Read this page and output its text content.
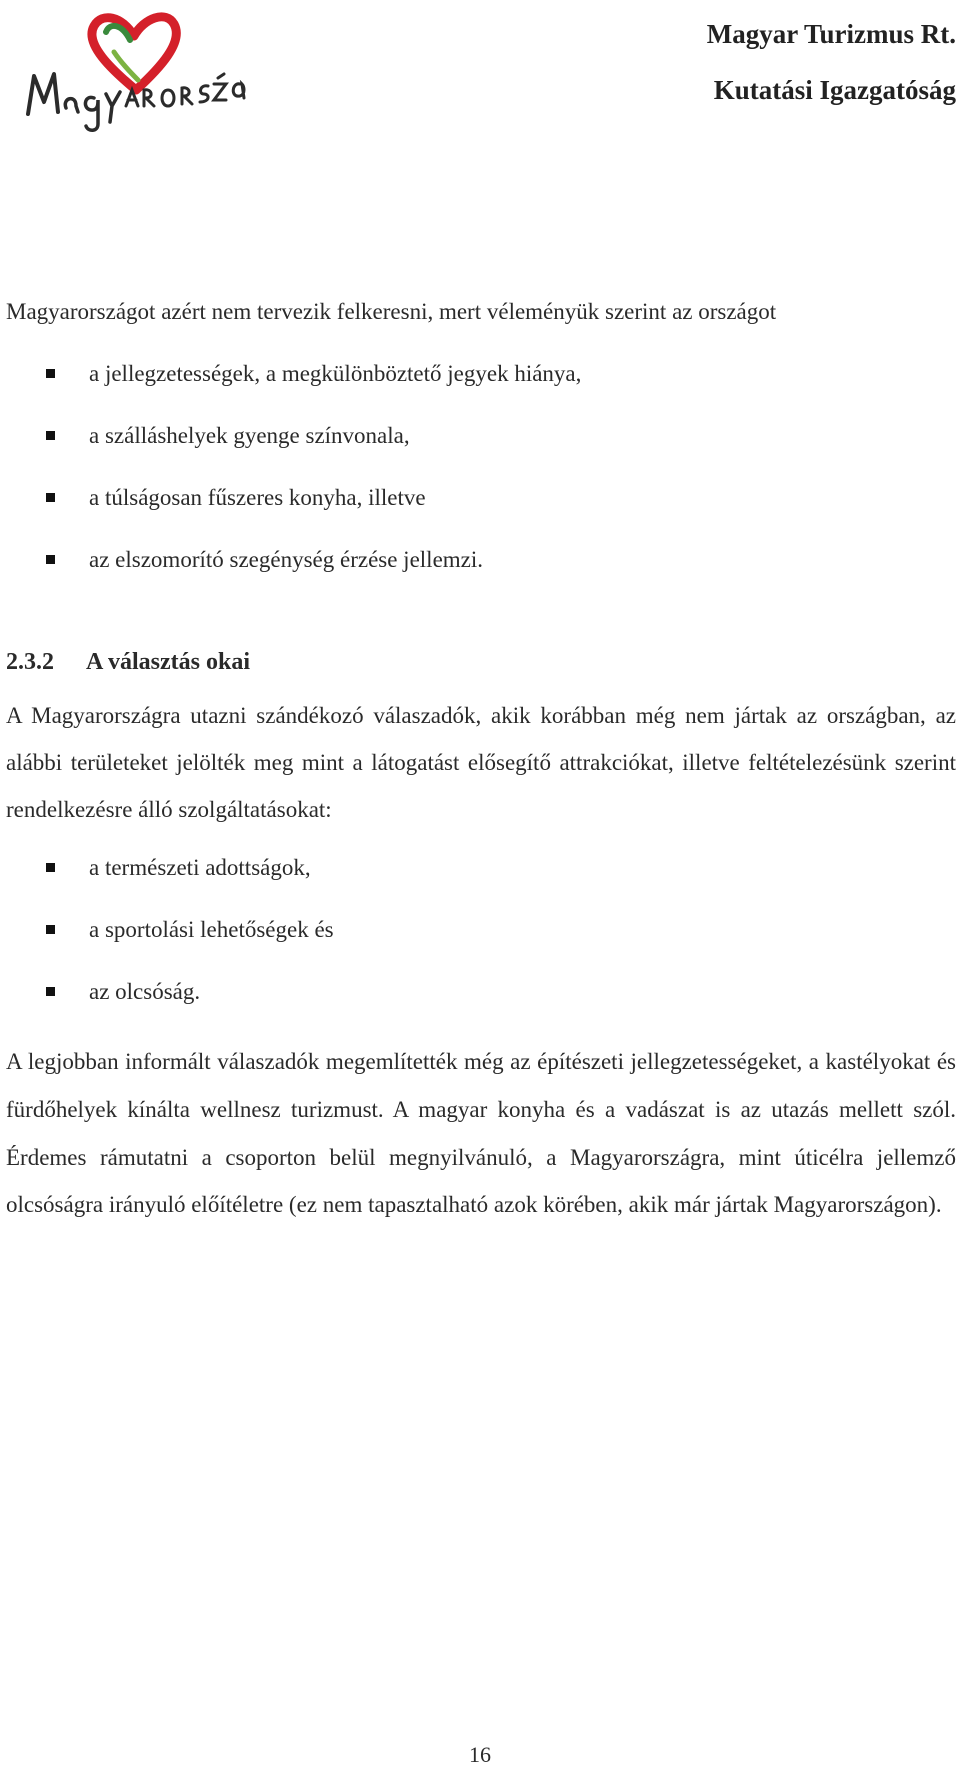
Magyar Turizmus Rt.
Kutatási Igazgatóság
Magyarországot azért nem tervezik felkeresni, mert véleményük szerint az országot
a jellegzetességek, a megkülönböztető jegyek hiánya,
a szálláshelyek gyenge színvonala,
a túlságosan fűszeres konyha, illetve
az elszomorító szegénység érzése jellemzi.
2.3.2 A választás okai
A Magyarországra utazni szándékozó válaszadók, akik korábban még nem jártak az országban, az alábbi területeket jelölték meg mint a látogatást elősegítő attrakciókat, illetve feltételezésünk szerint rendelkezésre álló szolgáltatásokat:
a természeti adottságok,
a sportolási lehetőségek és
az olcsóság.
A legjobban informált válaszadók megemlítették még az építészeti jellegzetességeket, a kastélyokat és fürdőhelyek kínálta wellnesz turizmust. A magyar konyha és a vadászat is az utazás mellett szól. Érdemes rámutatni a csoporton belül megnyilvánuló, a Magyarországra, mint úticélra jellemző olcsóságra irányuló előítéletre (ez nem tapasztalható azok körében, akik már jártak Magyarországon).
16
